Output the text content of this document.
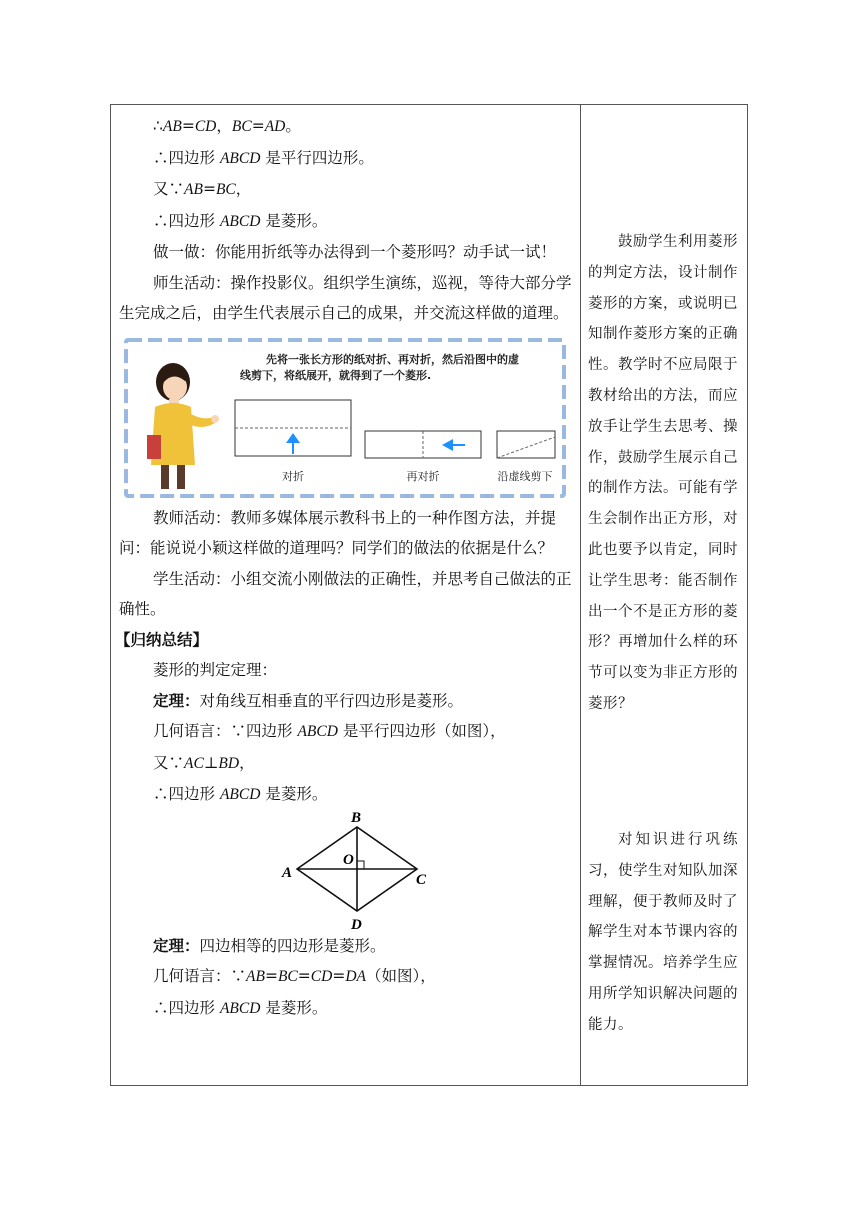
∴AB=CD，BC=AD。

∴四边形 ABCD 是平行四边形。

又∵AB=BC，

∴四边形 ABCD 是菱形。

做一做：你能用折纸等办法得到一个菱形吗？动手试一试！

师生活动：操作投影仪。组织学生演练，巡视，等待大部分学生完成之后，由学生代表展示自己的成果，并交流这样做的道理。

先将一张长方形的纸对折、再对折，然后沿图中的虚
线剪下，将纸展开，就得到了一个菱形.
对折	再对折	沿虚线剪下

教师活动：教师多媒体展示教科书上的一种作图方法，并提问：能说说小颖这样做的道理吗？同学们的做法的依据是什么？

学生活动：小组交流小刚做法的正确性，并思考自己做法的正确性。

【归纳总结】

菱形的判定定理：

定理：对角线互相垂直的平行四边形是菱形。

几何语言：∵四边形 ABCD 是平行四边形（如图），

又∵AC⊥BD，

∴四边形 ABCD 是菱形。

A
B
C
D
O

定理：四边相等的四边形是菱形。

几何语言：∵AB=BC=CD=DA（如图），

∴四边形 ABCD 是菱形。

鼓励学生利用菱形的判定方法，设计制作菱形的方案，或说明已知制作菱形方案的正确性。教学时不应局限于教材给出的方法，而应放手让学生去思考、操作，鼓励学生展示自己的制作方法。可能有学生会制作出正方形，对此也要予以肯定，同时让学生思考：能否制作出一个不是正方形的菱形？再增加什么样的环节可以变为非正方形的菱形？

对知识进行巩练习，使学生对知队加深理解，便于教师及时了解学生对本节课内容的掌握情况。培养学生应用所学知识解决问题的能力。
